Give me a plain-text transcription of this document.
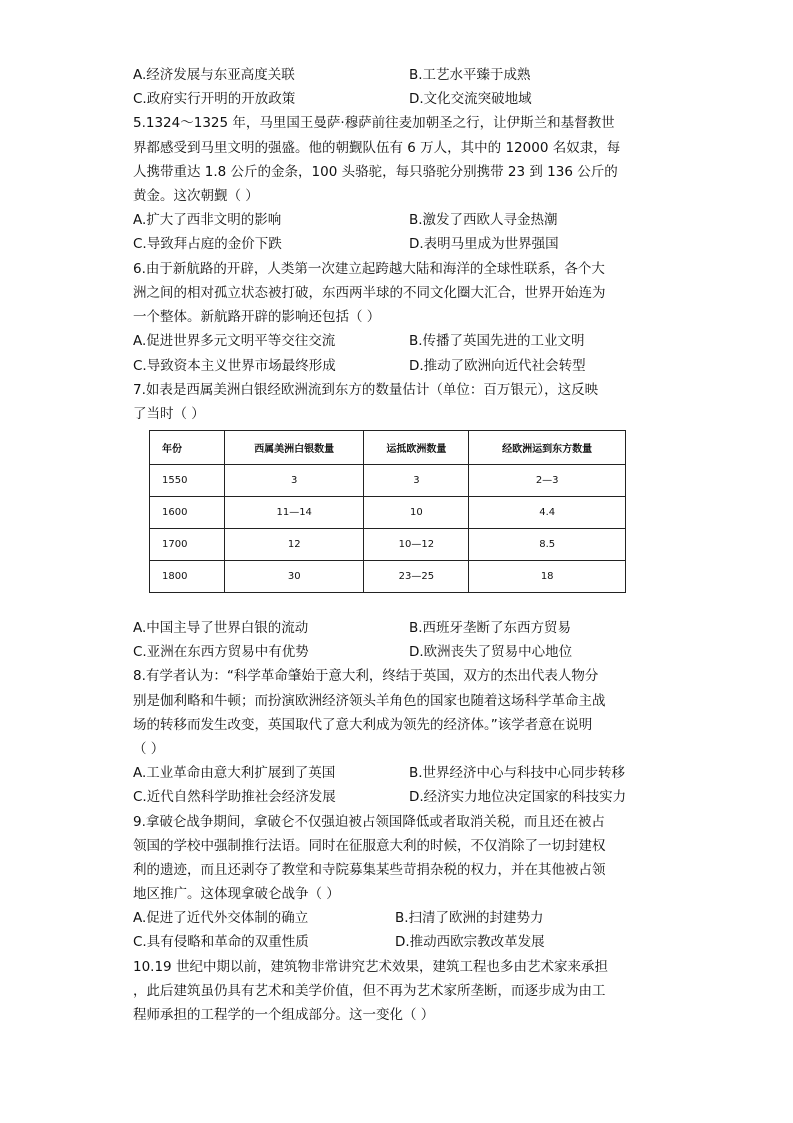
A.经济发展与东亚高度关联	B.工艺水平臻于成熟
C.政府实行开明的开放政策	D.文化交流突破地域
5.1324～1325 年，马里国王曼萨·穆萨前往麦加朝圣之行，让伊斯兰和基督教世
界都感受到马里文明的强盛。他的朝觐队伍有 6 万人，其中的 12000 名奴隶，每
人携带重达 1.8 公斤的金条，100 头骆驼，每只骆驼分别携带 23 到 136 公斤的
黄金。这次朝觐（ ）
A.扩大了西非文明的影响	B.激发了西欧人寻金热潮
C.导致拜占庭的金价下跌	D.表明马里成为世界强国
6.由于新航路的开辟，人类第一次建立起跨越大陆和海洋的全球性联系，各个大
洲之间的相对孤立状态被打破，东西两半球的不同文化圈大汇合，世界开始连为
一个整体。新航路开辟的影响还包括（ ）
A.促进世界多元文明平等交往交流	B.传播了英国先进的工业文明
C.导致资本主义世界市场最终形成	D.推动了欧洲向近代社会转型
7.如表是西属美洲白银经欧洲流到东方的数量估计（单位：百万银元），这反映
了当时（ ）
年份	西属美洲白银数量	运抵欧洲数量	经欧洲运到东方数量
1550	3	3	2—3
1600	11—14	10	4.4
1700	12	10—12	8.5
1800	30	23—25	18
A.中国主导了世界白银的流动	B.西班牙垄断了东西方贸易
C.亚洲在东西方贸易中有优势	D.欧洲丧失了贸易中心地位
8.有学者认为：“科学革命肇始于意大利，终结于英国，双方的杰出代表人物分
别是伽利略和牛顿；而扮演欧洲经济领头羊角色的国家也随着这场科学革命主战
场的转移而发生改变，英国取代了意大利成为领先的经济体。”该学者意在说明
（ ）
A.工业革命由意大利扩展到了英国	B.世界经济中心与科技中心同步转移
C.近代自然科学助推社会经济发展	D.经济实力地位决定国家的科技实力
9.拿破仑战争期间，拿破仑不仅强迫被占领国降低或者取消关税，而且还在被占
领国的学校中强制推行法语。同时在征服意大利的时候，不仅消除了一切封建权
利的遗迹，而且还剥夺了教堂和寺院募集某些苛捐杂税的权力，并在其他被占领
地区推广。这体现拿破仑战争（ ）
A.促进了近代外交体制的确立	B.扫清了欧洲的封建势力
C.具有侵略和革命的双重性质	D.推动西欧宗教改革发展
10.19 世纪中期以前，建筑物非常讲究艺术效果，建筑工程也多由艺术家来承担
，此后建筑虽仍具有艺术和美学价值，但不再为艺术家所垄断，而逐步成为由工
程师承担的工程学的一个组成部分。这一变化（ ）
